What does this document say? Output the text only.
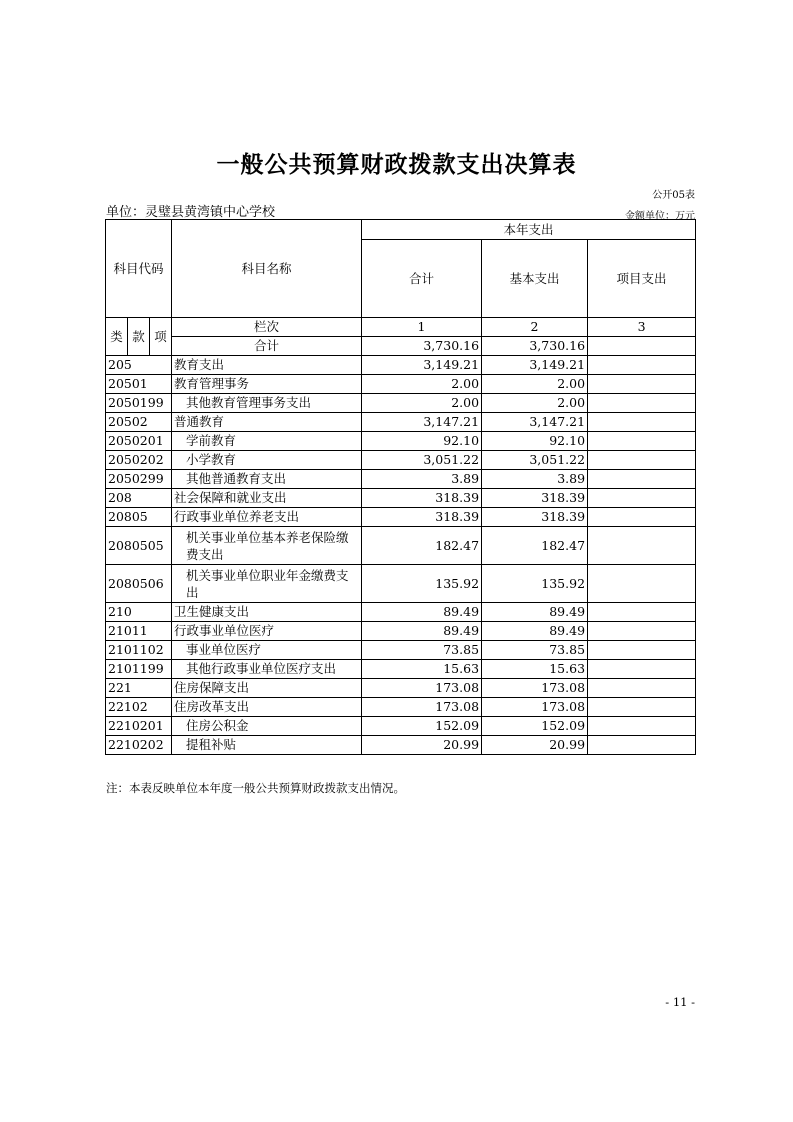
一般公共预算财政拨款支出决算表
公开05表
单位：灵璧县黄湾镇中心学校	金额单位：万元
科目代码			科目名称	本年支出		
				合计	基本支出	项目支出
类	款	项	栏次	1	2	3
			合计	3,730.16	3,730.16	
205			教育支出	3,149.21	3,149.21	
20501			教育管理事务	2.00	2.00	
2050199			其他教育管理事务支出	2.00	2.00	
20502			普通教育	3,147.21	3,147.21	
2050201			学前教育	92.10	92.10	
2050202			小学教育	3,051.22	3,051.22	
2050299			其他普通教育支出	3.89	3.89	
208			社会保障和就业支出	318.39	318.39	
20805			行政事业单位养老支出	318.39	318.39	
2080505			机关事业单位基本养老保险缴费支出	182.47	182.47	
2080506			机关事业单位职业年金缴费支出	135.92	135.92	
210			卫生健康支出	89.49	89.49	
21011			行政事业单位医疗	89.49	89.49	
2101102			事业单位医疗	73.85	73.85	
2101199			其他行政事业单位医疗支出	15.63	15.63	
221			住房保障支出	173.08	173.08	
22102			住房改革支出	173.08	173.08	
2210201			住房公积金	152.09	152.09	
2210202			提租补贴	20.99	20.99	
注：本表反映单位本年度一般公共预算财政拨款支出情况。
- 11 -
